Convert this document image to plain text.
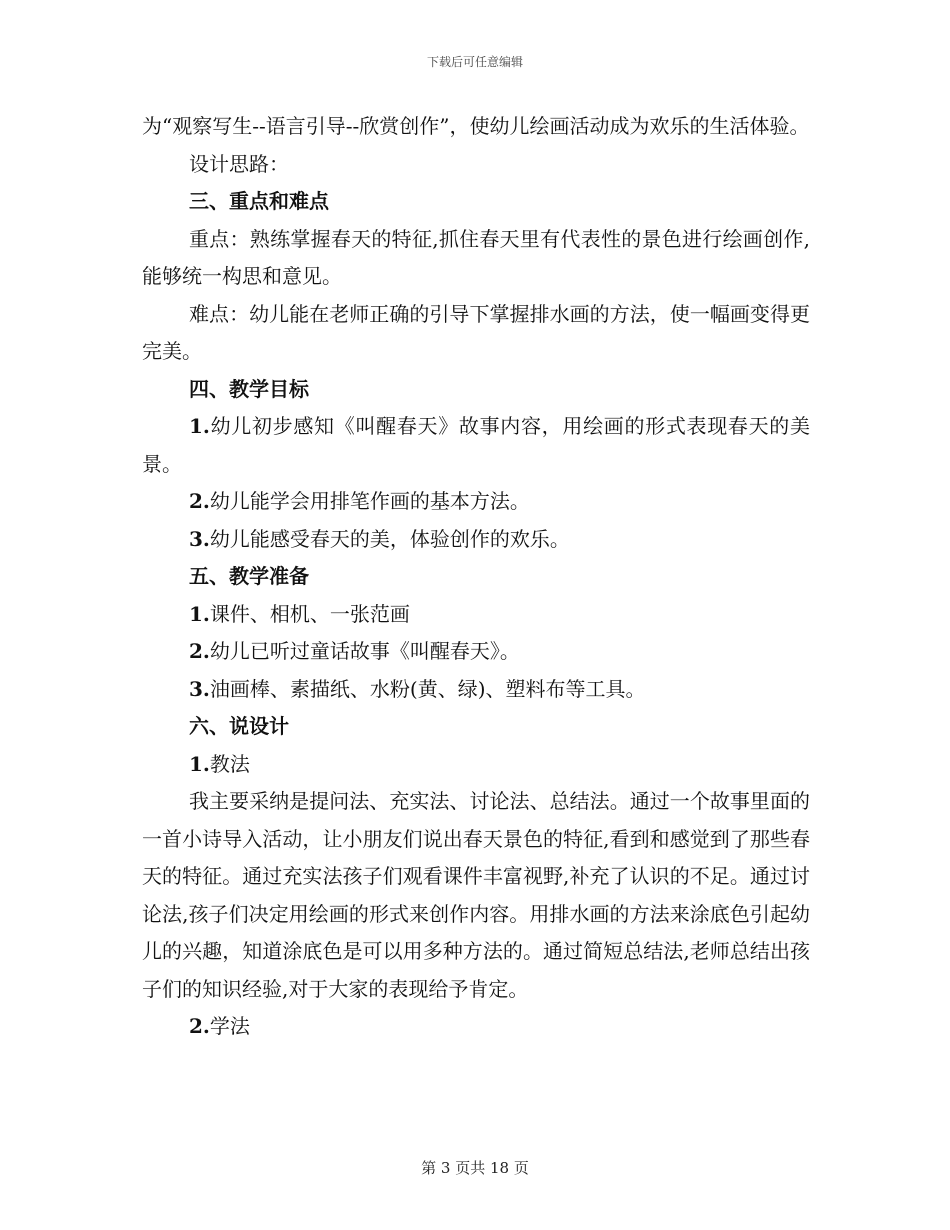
下载后可任意编辑

为“观察写生--语言引导--欣赏创作”，使幼儿绘画活动成为欢乐的生活体验。

设计思路：

三、重点和难点

重点：熟练掌握春天的特征,抓住春天里有代表性的景色进行绘画创作,能够统一构思和意见。

难点：幼儿能在老师正确的引导下掌握排水画的方法，使一幅画变得更完美。

四、教学目标

1.幼儿初步感知《叫醒春天》故事内容，用绘画的形式表现春天的美景。

2.幼儿能学会用排笔作画的基本方法。

3.幼儿能感受春天的美，体验创作的欢乐。

五、教学准备

1.课件、相机、一张范画

2.幼儿已听过童话故事《叫醒春天》。

3.油画棒、素描纸、水粉(黄、绿)、塑料布等工具。

六、说设计

1.教法

我主要采纳是提问法、充实法、讨论法、总结法。通过一个故事里面的一首小诗导入活动，让小朋友们说出春天景色的特征,看到和感觉到了那些春天的特征。通过充实法孩子们观看课件丰富视野,补充了认识的不足。通过讨论法,孩子们决定用绘画的形式来创作内容。用排水画的方法来涂底色引起幼儿的兴趣，知道涂底色是可以用多种方法的。通过简短总结法,老师总结出孩子们的知识经验,对于大家的表现给予肯定。

2.学法

第 3 页共 18 页
